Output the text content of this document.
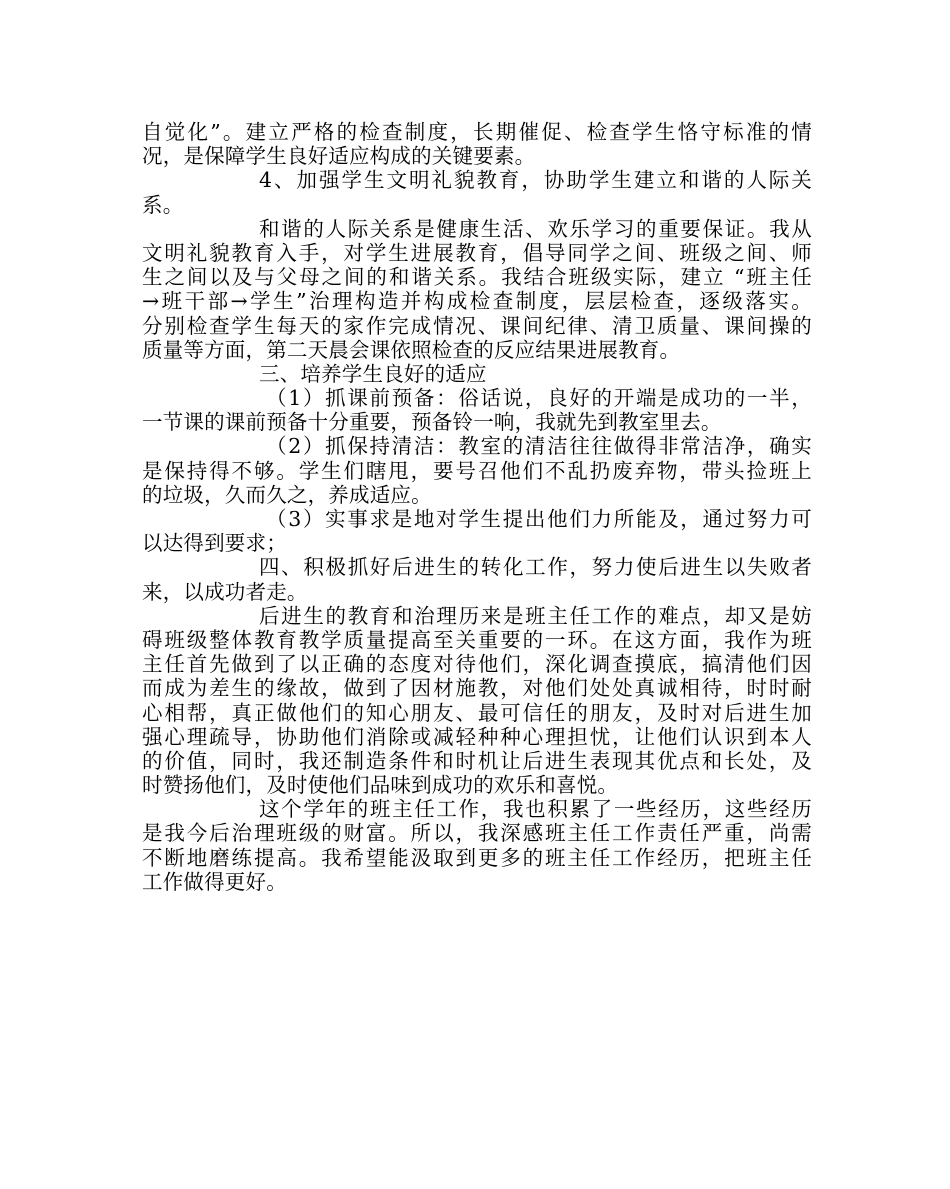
自觉化”。建立严格的检查制度，长期催促、检查学生恪守标准的情
况，是保障学生良好适应构成的关键要素。
4、加强学生文明礼貌教育，协助学生建立和谐的人际关
系。
和谐的人际关系是健康生活、欢乐学习的重要保证。我从
文明礼貌教育入手，对学生进展教育，倡导同学之间、班级之间、师
生之间以及与父母之间的和谐关系。我结合班级实际，建立 “班主任
→班干部→学生”治理构造并构成检查制度，层层检查，逐级落实。
分别检查学生每天的家作完成情况、课间纪律、清卫质量、课间操的
质量等方面，第二天晨会课依照检查的反应结果进展教育。
三、培养学生良好的适应
（1）抓课前预备：俗话说，良好的开端是成功的一半，
一节课的课前预备十分重要，预备铃一响，我就先到教室里去。
（2）抓保持清洁：教室的清洁往往做得非常洁净，确实
是保持得不够。学生们瞎甩，要号召他们不乱扔废弃物，带头捡班上
的垃圾，久而久之，养成适应。
（3）实事求是地对学生提出他们力所能及，通过努力可
以达得到要求；
四、积极抓好后进生的转化工作，努力使后进生以失败者
来，以成功者走。
后进生的教育和治理历来是班主任工作的难点，却又是妨
碍班级整体教育教学质量提高至关重要的一环。在这方面，我作为班
主任首先做到了以正确的态度对待他们，深化调查摸底，搞清他们因
而成为差生的缘故，做到了因材施教，对他们处处真诚相待，时时耐
心相帮，真正做他们的知心朋友、最可信任的朋友，及时对后进生加
强心理疏导，协助他们消除或减轻种种心理担忧，让他们认识到本人
的价值，同时，我还制造条件和时机让后进生表现其优点和长处，及
时赞扬他们，及时使他们品味到成功的欢乐和喜悦。
这个学年的班主任工作，我也积累了一些经历，这些经历
是我今后治理班级的财富。所以，我深感班主任工作责任严重，尚需
不断地磨练提高。我希望能汲取到更多的班主任工作经历，把班主任
工作做得更好。
